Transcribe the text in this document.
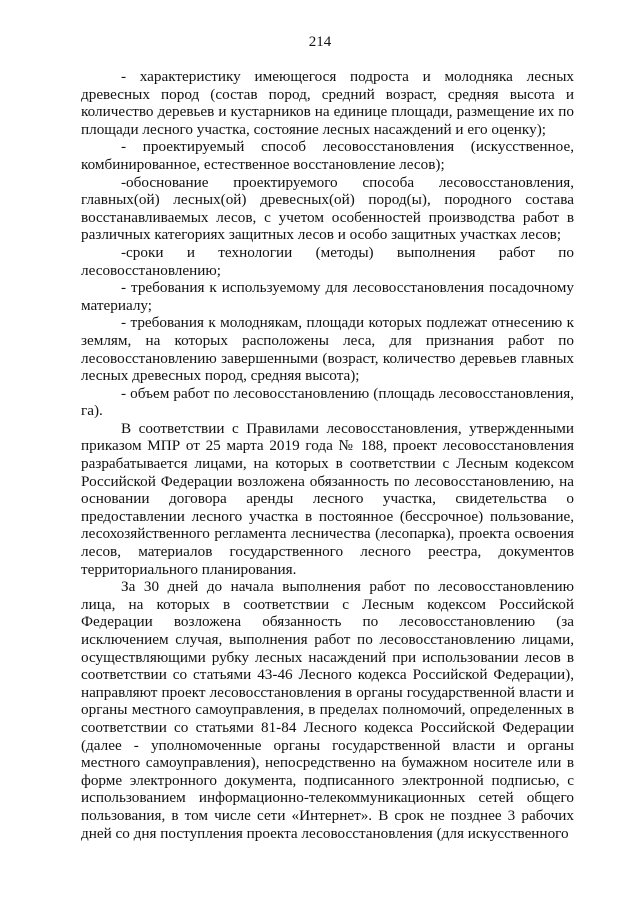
214

- характеристику имеющегося подроста и молодняка лесных древесных пород (состав пород, средний возраст, средняя высота и количество деревьев и кустарников на единице площади, размещение их по площади лесного участка, состояние лесных насаждений и его оценку);

- проектируемый способ лесовосстановления (искусственное, комбинированное, естественное восстановление лесов);

-обоснование проектируемого способа лесовосстановления, главных(ой) лесных(ой) древесных(ой) пород(ы), породного состава восстанавливаемых лесов, с учетом особенностей производства работ в различных категориях защитных лесов и особо защитных участках лесов;

-сроки и технологии (методы) выполнения работ по лесовосстановлению;

- требования к используемому для лесовосстановления посадочному материалу;

- требования к молоднякам, площади которых подлежат отнесению к землям, на которых расположены леса, для признания работ по лесовосстановлению завершенными (возраст, количество деревьев главных лесных древесных пород, средняя высота);

- объем работ по лесовосстановлению (площадь лесовосстановления, га).

В соответствии с Правилами лесовосстановления, утвержденными приказом МПР от 25 марта 2019 года № 188, проект лесовосстановления разрабатывается лицами, на которых в соответствии с Лесным кодексом Российской Федерации возложена обязанность по лесовосстановлению, на основании договора аренды лесного участка, свидетельства о предоставлении лесного участка в постоянное (бессрочное) пользование, лесохозяйственного регламента лесничества (лесопарка), проекта освоения лесов, материалов государственного лесного реестра, документов территориального планирования.

За 30 дней до начала выполнения работ по лесовосстановлению лица, на которых в соответствии с Лесным кодексом Российской Федерации возложена обязанность по лесовосстановлению (за исключением случая, выполнения работ по лесовосстановлению лицами, осуществляющими рубку лесных насаждений при использовании лесов в соответствии со статьями 43-46 Лесного кодекса Российской Федерации), направляют проект лесовосстановления в органы государственной власти и органы местного самоуправления, в пределах полномочий, определенных в соответствии со статьями 81-84 Лесного кодекса Российской Федерации (далее - уполномоченные органы государственной власти и органы местного самоуправления), непосредственно на бумажном носителе или в форме электронного документа, подписанного электронной подписью, с использованием информационно-телекоммуникационных сетей общего пользования, в том числе сети «Интернет». В срок не позднее 3 рабочих дней со дня поступления проекта лесовосстановления (для искусственного
